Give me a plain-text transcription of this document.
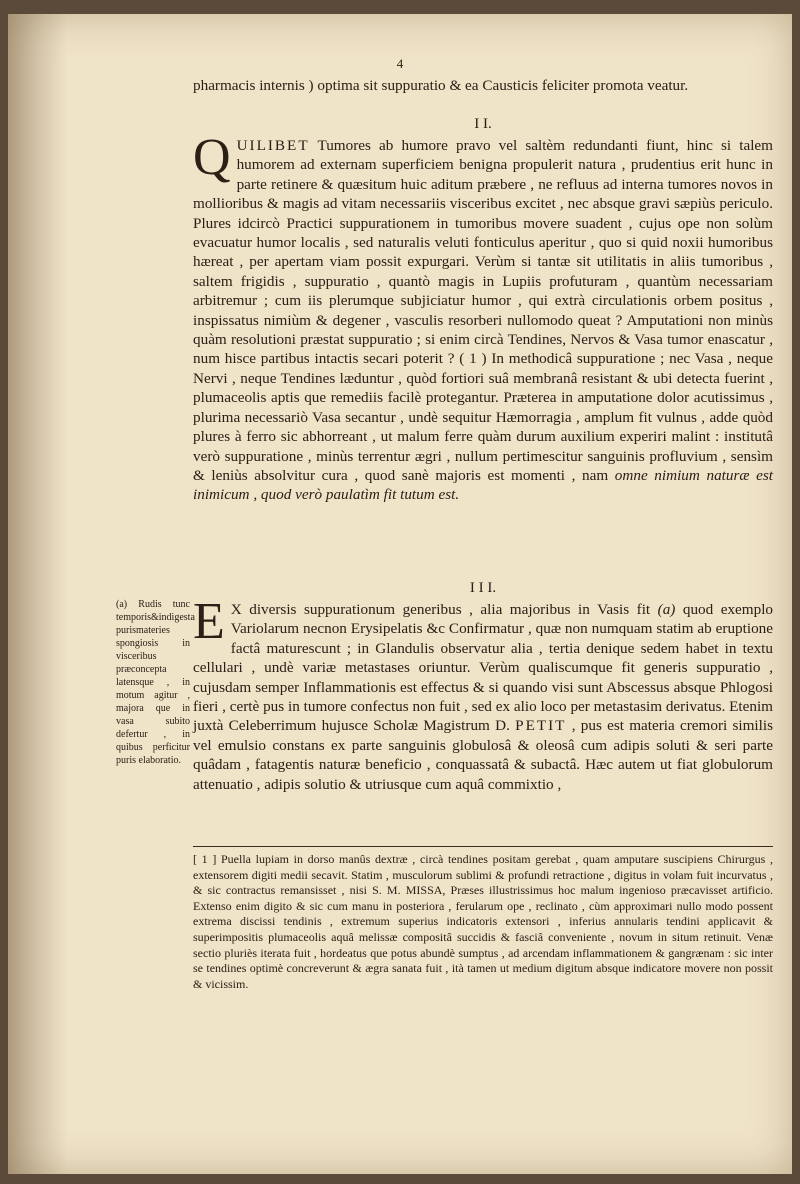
4
pharmacis internis ) optima sit suppuratio & ea Causticis feliciter promota veatur.
I I.
Q UILIBET Tumores ab humore pravo vel saltèm redundanti fiunt, hinc si talem humorem ad externam superficiem benigna propulerit natura , prudentius erit hunc in parte retinere & quæsitum huic aditum præbere , ne refluus ad interna tumores novos in mollioribus & magis ad vitam necessariis visceribus excitet , nec absque gravi sæpiùs periculo. Plures idcircò Practici suppurationem in tumoribus movere suadent , cujus ope non solùm evacuatur humor localis , sed naturalis veluti fonticulus aperitur , quo si quid noxii humoribus hæreat , per apertam viam possit expurgari. Verùm si tantæ sit utilitatis in aliis tumoribus , saltem frigidis , suppuratio , quantò magis in Lupiis profuturam , quantùm necessariam arbitremur ; cum iis plerumque subjiciatur humor , qui extrà circulationis orbem positus , inspissatus nimiùm & degener , vasculis resorberi nullomodo queat ? Amputationi non minùs quàm resolutioni præstat suppuratio ; si enim circà Tendines, Nervos & Vasa tumor enascatur , num hisce partibus intactis secari poterit ? ( 1 ) In methodicâ suppuratione ; nec Vasa , neque Nervi , neque Tendines læduntur , quòd fortiori suâ membranâ resistant & ubi detecta fuerint , plumaceolis aptis que remediis facilè protegantur. Præterea in amputatione dolor acutissimus , plurima necessariò Vasa secantur , undè sequitur Hæmorragia , amplum fit vulnus , adde quòd plures à ferro sic abhorreant , ut malum ferre quàm durum auxilium experiri malint : institutâ verò suppuratione , minùs terrentur ægri , nullum pertimescitur sanguinis profluvium , sensìm & leniùs absolvitur cura , quod sanè majoris est momenti , nam omne nimium naturæ est inimicum , quod verò paulatìm fit tutum est.
I I I.
E X diversis suppurationum generibus , alia majoribus in Vasis fit (a) quod exemplo Variolarum necnon Erysipelatis &c Confirmatur , quæ non numquam statim ab eruptione factâ maturescunt ; in Glandulis observatur alia , tertia denique sedem habet in textu cellulari , undè variæ metastases oriuntur. Verùm qualiscumque fit generis suppuratio , cujusdam semper Inflammationis est effectus & si quando visi sunt Abscessus absque Phlogosi fieri , certè pus in tumore confectus non fuit , sed ex alio loco per metastasim derivatus. Etenim juxtà Celeberrimum hujusce Scholæ Magistrum D. PETIT , pus est materia cremori similis vel emulsio constans ex parte sanguinis globulosâ & oleosâ cum adipis soluti & seri parte quâdam , fatagentis naturæ beneficio , conquassatâ & subactâ. Hæc autem ut fiat globulorum attenuatio , adipis solutio & utriusque cum aquâ commixtio ,
(a) Rudis tunc temporis&indigesta purismateries spongiosis in visceribus præconcepta latensque , in motum agitur , majora que in vasa subito defertur , in quibus perficitur puris elaboratio.
[ 1 ] Puella lupiam in dorso manûs dextræ , circà tendines positam gerebat , quam amputare suscipiens Chirurgus , extensorem digiti medii secavit. Statim , musculorum sublimi & profundi retractione , digitus in volam fuit incurvatus , & sic contractus remansisset , nisi S. M. MISSA, Præses illustrissimus hoc malum ingenioso præcavisset artificio. Extenso enim digito & sic cum manu in posteriora , ferularum ope , reclinato , cùm approximari nullo modo possent extrema discissi tendinis , extremum superius indicatoris extensori , inferius annularis tendini applicavit & superimpositis plumaceolis aquâ melissæ compositâ succidis & fasciâ conveniente , novum in situm retinuit. Venæ sectio pluriès iterata fuit , hordeatus que potus abundè sumptus , ad arcendam inflammationem & gangrænam : sic inter se tendines optimè concreverunt & ægra sanata fuit , ità tamen ut medium digitum absque indicatore movere non possit & vicissim.
